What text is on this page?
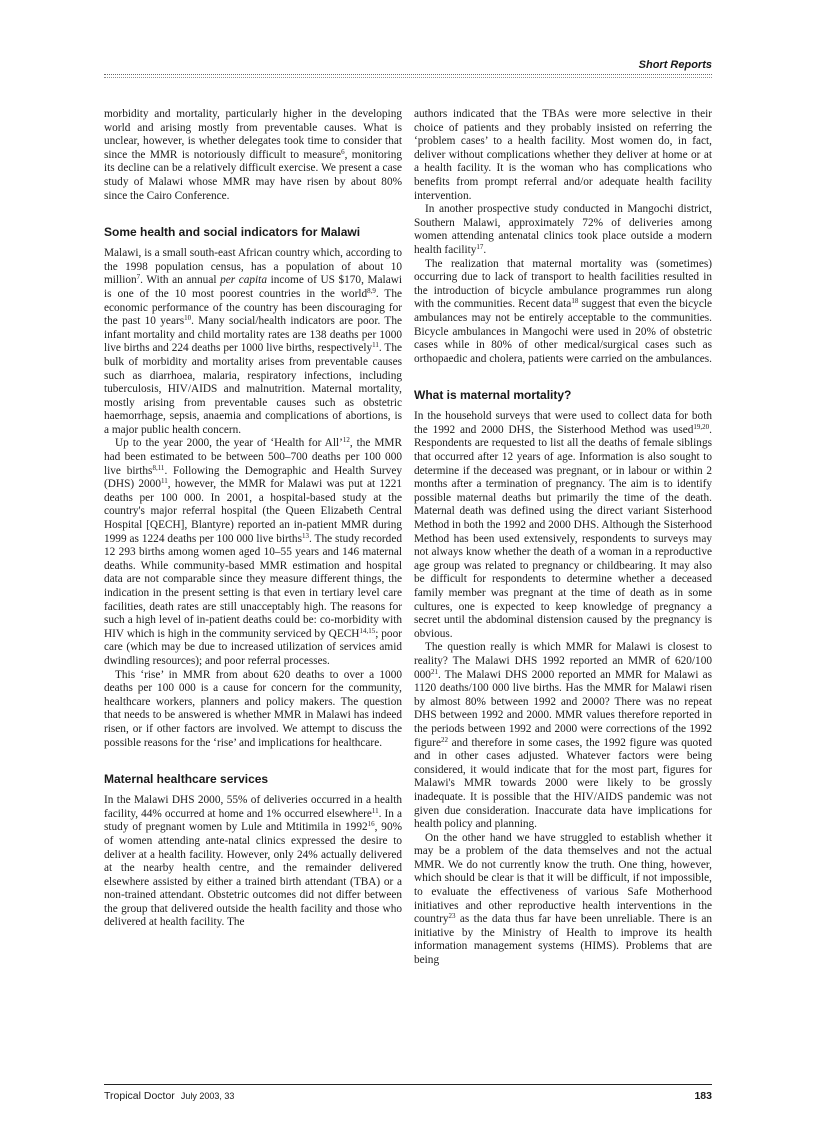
Short Reports

morbidity and mortality, particularly higher in the developing world and arising mostly from preventable causes. What is unclear, however, is whether delegates took time to consider that since the MMR is notoriously difficult to measure$^6$, monitoring its decline can be a relatively difficult exercise. We present a case study of Malawi whose MMR may have risen by about 80% since the Cairo Conference.

Some health and social indicators for Malawi

Malawi, is a small south-east African country which, according to the 1998 population census, has a population of about 10 million$^7$. With an annual per capita income of US $170, Malawi is one of the 10 most poorest countries in the world$^{8,9}$. The economic performance of the country has been discouraging for the past 10 years$^{10}$. Many social/health indicators are poor. The infant mortality and child mortality rates are 138 deaths per 1000 live births and 224 deaths per 1000 live births, respectively$^{11}$. The bulk of morbidity and mortality arises from preventable causes such as diarrhoea, malaria, respiratory infections, including tuberculosis, HIV/AIDS and malnutrition. Maternal mortality, mostly arising from preventable causes such as obstetric haemorrhage, sepsis, anaemia and complications of abortions, is a major public health concern.

Up to the year 2000, the year of ‘Health for All’$^{12}$, the MMR had been estimated to be between 500–700 deaths per 100 000 live births$^{8,11}$. Following the Demographic and Health Survey (DHS) 2000$^{11}$, however, the MMR for Malawi was put at 1221 deaths per 100 000. In 2001, a hospital-based study at the country's major referral hospital (the Queen Elizabeth Central Hospital [QECH], Blantyre) reported an in-patient MMR during 1999 as 1224 deaths per 100 000 live births$^{13}$. The study recorded 12 293 births among women aged 10–55 years and 146 maternal deaths. While community-based MMR estimation and hospital data are not comparable since they measure different things, the indication in the present setting is that even in tertiary level care facilities, death rates are still unacceptably high. The reasons for such a high level of in-patient deaths could be: co-morbidity with HIV which is high in the community serviced by QECH$^{14,15}$; poor care (which may be due to increased utilization of services amid dwindling resources); and poor referral processes.

This ‘rise’ in MMR from about 620 deaths to over a 1000 deaths per 100 000 is a cause for concern for the community, healthcare workers, planners and policy makers. The question that needs to be answered is whether MMR in Malawi has indeed risen, or if other factors are involved. We attempt to discuss the possible reasons for the ‘rise’ and implications for healthcare.

Maternal healthcare services

In the Malawi DHS 2000, 55% of deliveries occurred in a health facility, 44% occurred at home and 1% occurred elsewhere$^{11}$. In a study of pregnant women by Lule and Mtitimila in 1992$^{16}$, 90% of women attending ante-natal clinics expressed the desire to deliver at a health facility. However, only 24% actually delivered at the nearby health centre, and the remainder delivered elsewhere assisted by either a trained birth attendant (TBA) or a non-trained attendant. Obstetric outcomes did not differ between the group that delivered outside the health facility and those who delivered at health facility. The

authors indicated that the TBAs were more selective in their choice of patients and they probably insisted on referring the ‘problem cases’ to a health facility. Most women do, in fact, deliver without complications whether they deliver at home or at a health facility. It is the woman who has complications who benefits from prompt referral and/or adequate health facility intervention.

In another prospective study conducted in Mangochi district, Southern Malawi, approximately 72% of deliveries among women attending antenatal clinics took place outside a modern health facility$^{17}$.

The realization that maternal mortality was (sometimes) occurring due to lack of transport to health facilities resulted in the introduction of bicycle ambulance programmes run along with the communities. Recent data$^{18}$ suggest that even the bicycle ambulances may not be entirely acceptable to the communities. Bicycle ambulances in Mangochi were used in 20% of obstetric cases while in 80% of other medical/surgical cases such as orthopaedic and cholera, patients were carried on the ambulances.

What is maternal mortality?

In the household surveys that were used to collect data for both the 1992 and 2000 DHS, the Sisterhood Method was used$^{19,20}$. Respondents are requested to list all the deaths of female siblings that occurred after 12 years of age. Information is also sought to determine if the deceased was pregnant, or in labour or within 2 months after a termination of pregnancy. The aim is to identify possible maternal deaths but primarily the time of the death. Maternal death was defined using the direct variant Sisterhood Method in both the 1992 and 2000 DHS. Although the Sisterhood Method has been used extensively, respondents to surveys may not always know whether the death of a woman in a reproductive age group was related to pregnancy or childbearing. It may also be difficult for respondents to determine whether a deceased family member was pregnant at the time of death as in some cultures, one is expected to keep knowledge of pregnancy a secret until the abdominal distension caused by the pregnancy is obvious.

The question really is which MMR for Malawi is closest to reality? The Malawi DHS 1992 reported an MMR of 620/100 $000^{21}$. The Malawi DHS 2000 reported an MMR for Malawi as 1120 deaths/100 000 live births. Has the MMR for Malawi risen by almost 80% between 1992 and 2000? There was no repeat DHS between 1992 and 2000. MMR values therefore reported in the periods between 1992 and 2000 were corrections of the 1992 figure$^{22}$ and therefore in some cases, the 1992 figure was quoted and in other cases adjusted. Whatever factors were being considered, it would indicate that for the most part, figures for Malawi's MMR towards 2000 were likely to be grossly inadequate. It is possible that the HIV/AIDS pandemic was not given due consideration. Inaccurate data have implications for health policy and planning.

On the other hand we have struggled to establish whether it may be a problem of the data themselves and not the actual MMR. We do not currently know the truth. One thing, however, which should be clear is that it will be difficult, if not impossible, to evaluate the effectiveness of various Safe Motherhood initiatives and other reproductive health interventions in the country$^{23}$ as the data thus far have been unreliable. There is an initiative by the Ministry of Health to improve its health information management systems (HIMS). Problems that are being

Tropical Doctor July 2003, 33	183
